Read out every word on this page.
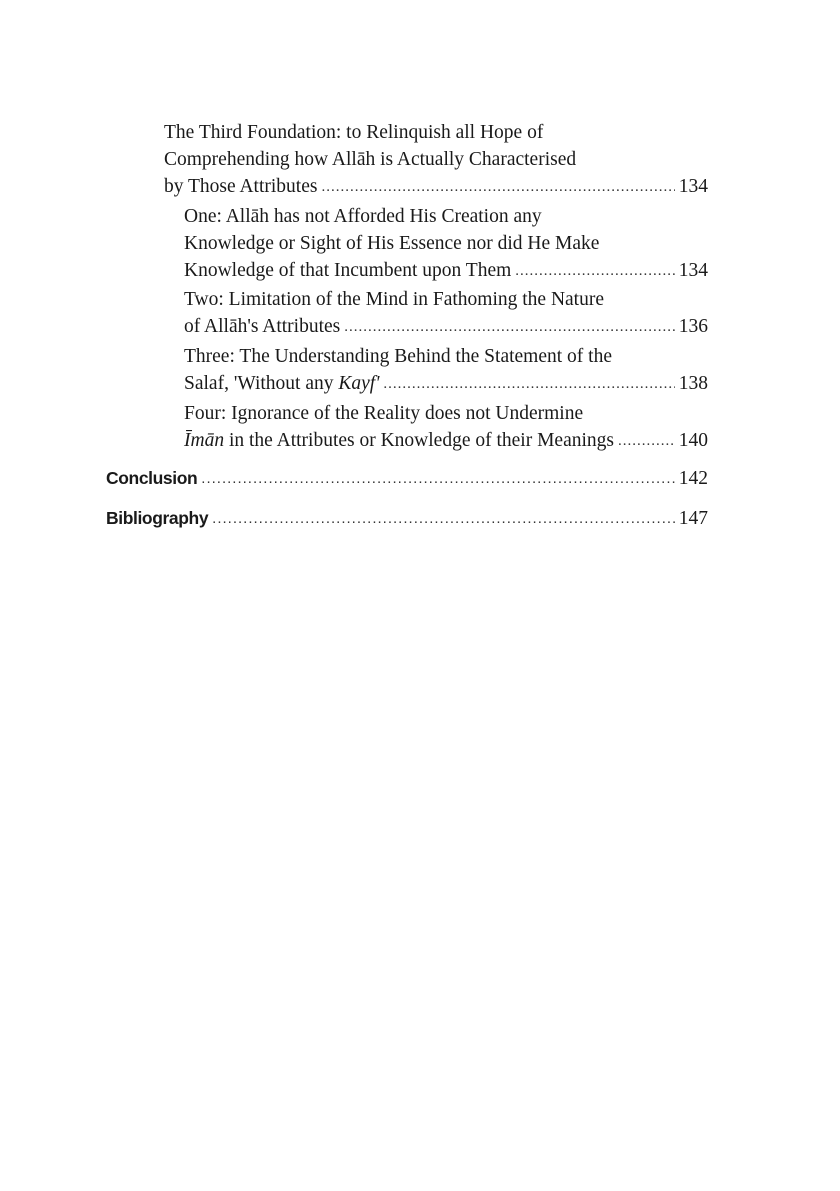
The Third Foundation: to Relinquish all Hope of
Comprehending how Allāh is Actually Characterised
by Those Attributes .....	134
One: Allāh has not Afforded His Creation any
Knowledge or Sight of His Essence nor did He Make
Knowledge of that Incumbent upon Them .....	134
Two: Limitation of the Mind in Fathoming the Nature
of Allāh's Attributes .....	136
Three: The Understanding Behind the Statement of the
Salaf, 'Without any Kayf' .....	138
Four: Ignorance of the Reality does not Undermine
Īmān in the Attributes or Knowledge of their Meanings .....	140
Conclusion .....	142
Bibliography .....	147
